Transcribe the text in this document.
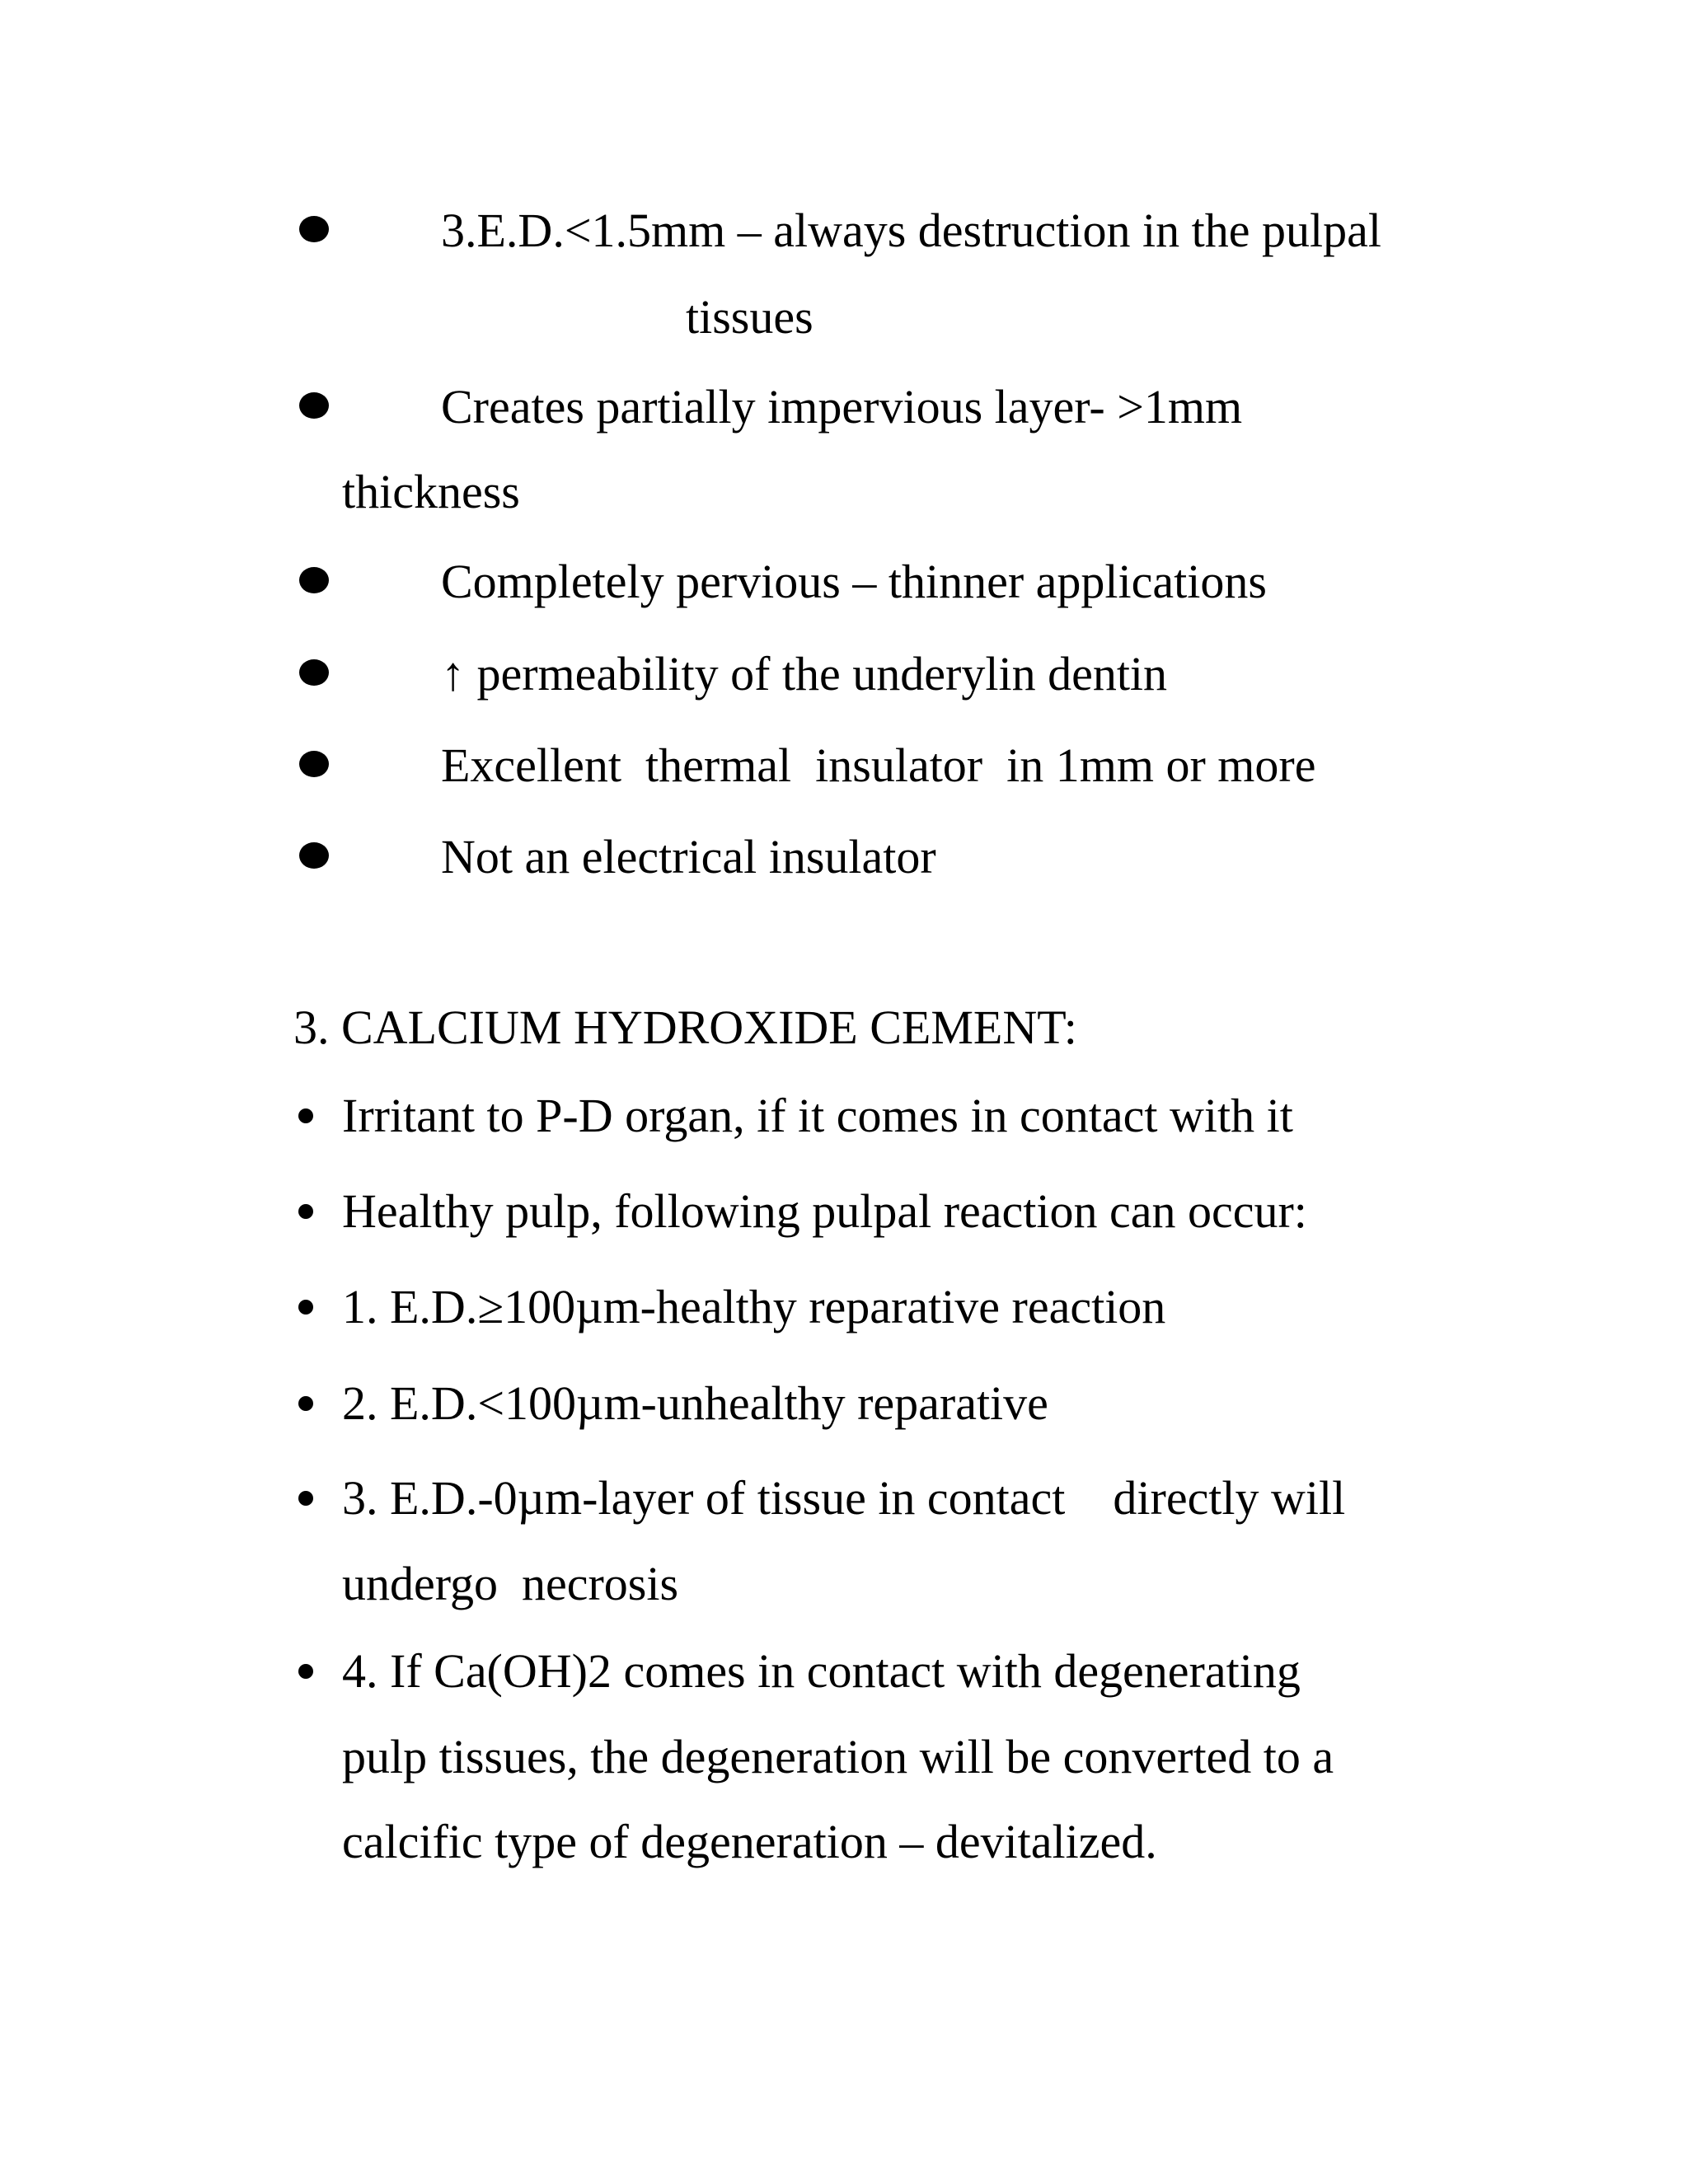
3.E.D.<1.5mm – always destruction in the pulpal
tissues
Creates partially impervious layer- >1mm
thickness
Completely pervious – thinner applications
↑ permeability of the underylin dentin
Excellent  thermal  insulator  in 1mm or more
Not an electrical insulator
3. CALCIUM HYDROXIDE CEMENT:
Irritant to P-D organ, if it comes in contact with it
Healthy pulp, following pulpal reaction can occur:
1. E.D.≥100µm-healthy reparative reaction
2. E.D.<100µm-unhealthy reparative
3. E.D.-0µm-layer of tissue in contact    directly will
undergo  necrosis
4. If Ca(OH)2 comes in contact with degenerating
pulp tissues, the degeneration will be converted to a
calcific type of degeneration – devitalized.
